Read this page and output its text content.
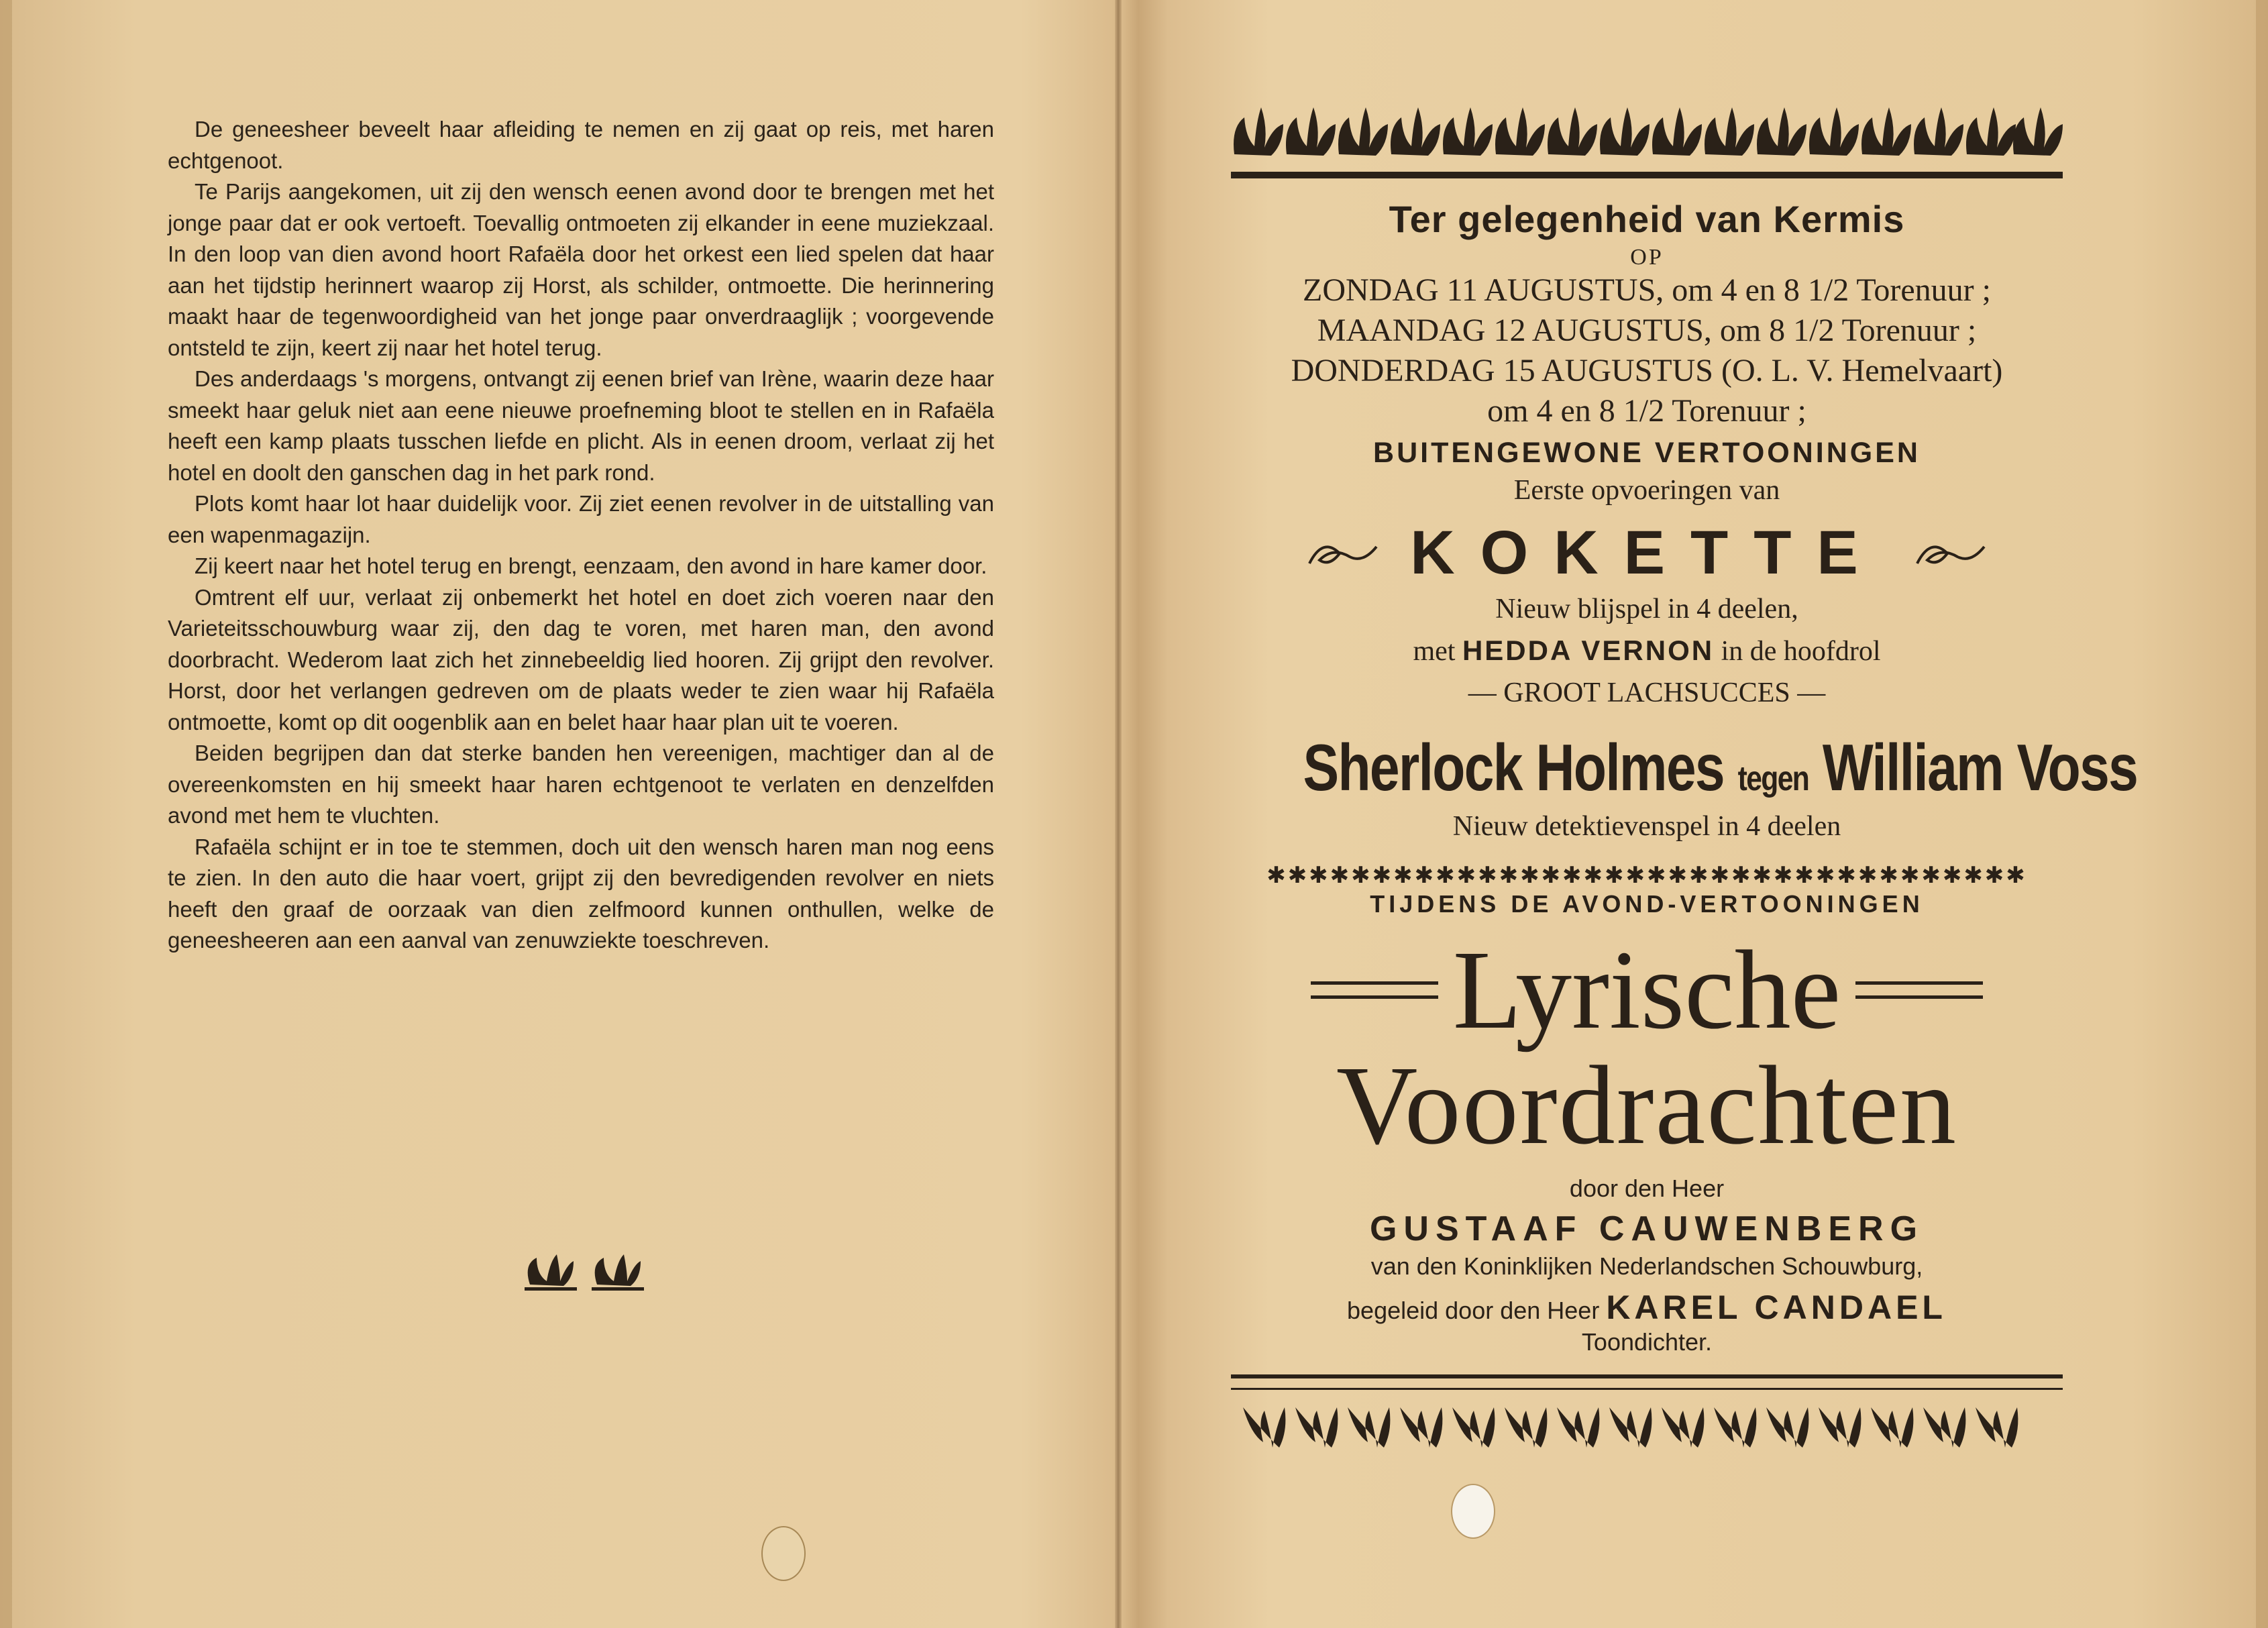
De geneesheer beveelt haar afleiding te nemen en zij gaat op reis, met haren echtgenoot.

Te Parijs aangekomen, uit zij den wensch eenen avond door te brengen met het jonge paar dat er ook vertoeft. Toevallig ontmoeten zij elkander in eene muziekzaal. In den loop van dien avond hoort Rafaëla door het orkest een lied spelen dat haar aan het tijdstip herinnert waarop zij Horst, als schilder, ontmoette. Die herinnering maakt haar de tegenwoordigheid van het jonge paar onverdraaglijk ; voorgevende ontsteld te zijn, keert zij naar het hotel terug.

Des anderdaags 's morgens, ontvangt zij eenen brief van Irène, waarin deze haar smeekt haar geluk niet aan eene nieuwe proefneming bloot te stellen en in Rafaëla heeft een kamp plaats tusschen liefde en plicht. Als in eenen droom, verlaat zij het hotel en doolt den ganschen dag in het park rond.

Plots komt haar lot haar duidelijk voor. Zij ziet eenen revolver in de uitstalling van een wapenmagazijn.

Zij keert naar het hotel terug en brengt, eenzaam, den avond in hare kamer door.

Omtrent elf uur, verlaat zij onbemerkt het hotel en doet zich voeren naar den Varieteitsschouwburg waar zij, den dag te voren, met haren man, den avond doorbracht. Wederom laat zich het zinnebeeldig lied hooren. Zij grijpt den revolver. Horst, door het verlangen gedreven om de plaats weder te zien waar hij Rafaëla ontmoette, komt op dit oogenblik aan en belet haar haar plan uit te voeren.

Beiden begrijpen dan dat sterke banden hen vereenigen, machtiger dan al de overeenkomsten en hij smeekt haar haren echtgenoot te verlaten en denzelfden avond met hem te vluchten.

Rafaëla schijnt er in toe te stemmen, doch uit den wensch haren man nog eens te zien. In den auto die haar voert, grijpt zij den bevredigenden revolver en niets heeft den graaf de oorzaak van dien zelfmoord kunnen onthullen, welke de geneesheeren aan een aanval van zenuwziekte toeschreven.

Ter gelegenheid van Kermis
OP
ZONDAG 11 AUGUSTUS, om 4 en 8 1/2 Torenuur ;
MAANDAG 12 AUGUSTUS, om 8 1/2 Torenuur ;
DONDERDAG 15 AUGUSTUS (O. L. V. Hemelvaart)
om 4 en 8 1/2 Torenuur ;
BUITENGEWONE VERTOONINGEN
Eerste opvoeringen van
KOKETTE
Nieuw blijspel in 4 deelen,
met HEDDA VERNON in de hoofdrol
— GROOT LACHSUCCES —
Sherlock Holmes tegen William Voss
Nieuw detektievenspel in 4 deelen
✱✱✱✱✱✱✱✱✱✱✱✱✱✱✱✱✱✱✱✱✱✱✱✱✱✱✱✱✱✱✱✱✱✱✱✱
TIJDENS DE AVOND-VERTOONINGEN
Lyrische
Voordrachten
door den Heer
GUSTAAF CAUWENBERG
van den Koninklijken Nederlandschen Schouwburg,
begeleid door den Heer KAREL CANDAEL
Toondichter.
